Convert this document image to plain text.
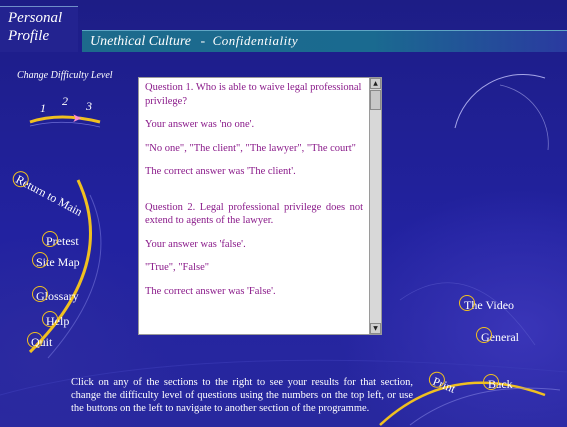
Personal
Profile	Unethical Culture - Confidentiality
Change Difficulty Level
1 2 3
➤
Return to Main
Pretest
Site Map
Glossary
Help
Quit

Question 1. Who is able to waive legal professional privilege?

Your answer was 'no one'.

"No one", "The client", "The lawyer", "The court"

The correct answer was 'The client'.

Question 2. Legal professional privilege does not extend to agents of the lawyer.

Your answer was 'false'.

"True", "False"

The correct answer was 'False'.

▲
▼
The Video
General
Print	Back
Click on any of the sections to the right to see your results for that section, change the difficulty level of questions using the numbers on the top left, or use the buttons on the left to navigate to another section of the programme.
